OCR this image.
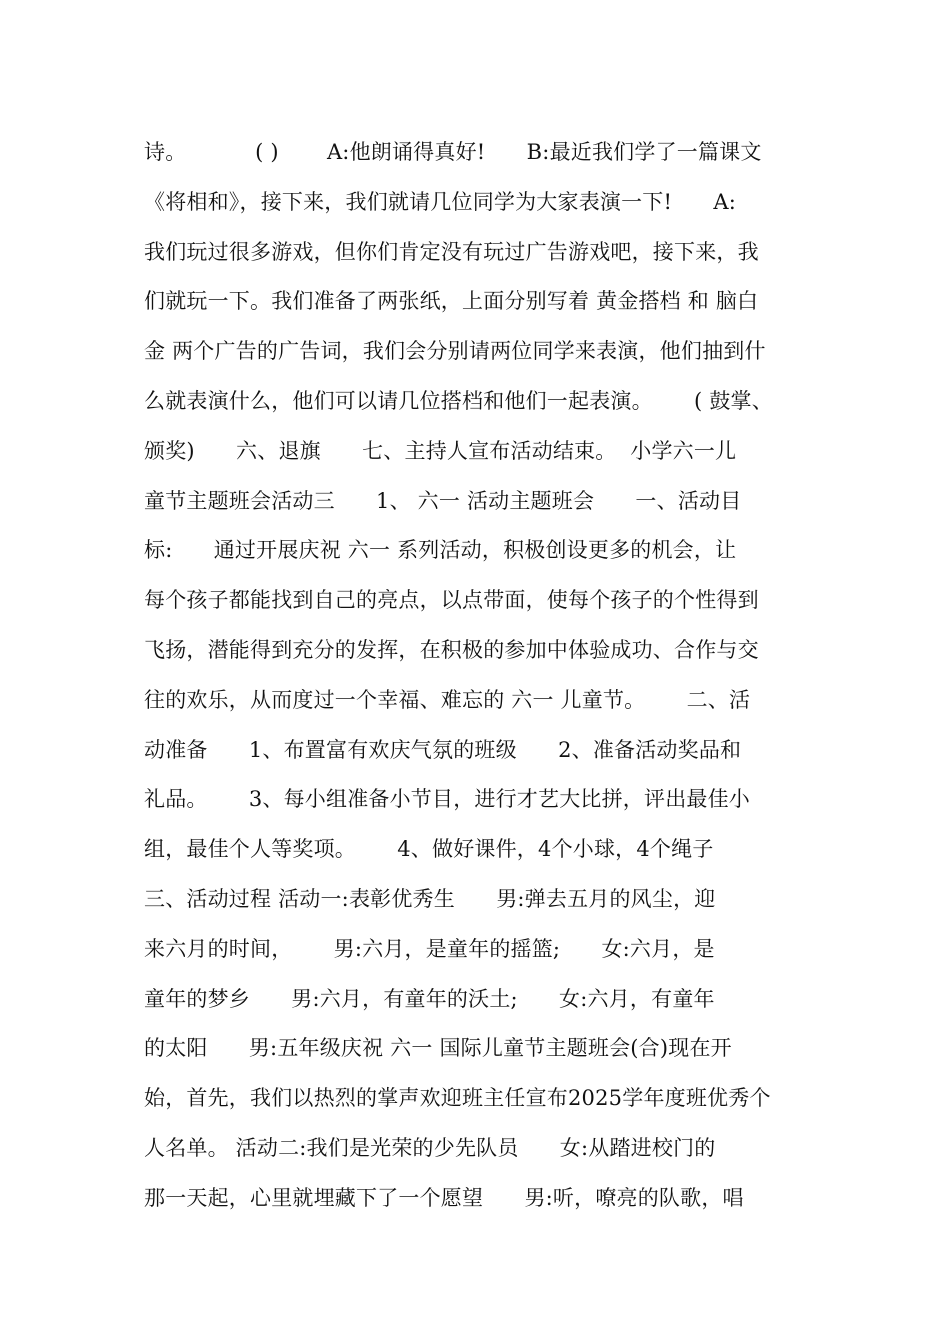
诗。          ( )       A:他朗诵得真好!      B:最近我们学了一篇课文
《将相和》，接下来，我们就请几位同学为大家表演一下!      A:
我们玩过很多游戏，但你们肯定没有玩过广告游戏吧，接下来，我
们就玩一下。我们准备了两张纸，上面分别写着 黄金搭档 和 脑白
金 两个广告的广告词，我们会分别请两位同学来表演，他们抽到什
么就表演什么，他们可以请几位搭档和他们一起表演。      ( 鼓掌、
颁奖)      六、退旗      七、主持人宣布活动结束。  小学六一儿
童节主题班会活动三      1、 六一 活动主题班会      一、活动目
标:      通过开展庆祝 六一 系列活动，积极创设更多的机会，让
每个孩子都能找到自己的亮点，以点带面，使每个孩子的个性得到
飞扬，潜能得到充分的发挥，在积极的参加中体验成功、合作与交
往的欢乐，从而度过一个幸福、难忘的 六一 儿童节。      二、活
动准备      1、布置富有欢庆气氛的班级      2、准备活动奖品和
礼品。      3、每小组准备小节目，进行才艺大比拼，评出最佳小
组，最佳个人等奖项。      4、做好课件，4个小球，4个绳子
三、活动过程 活动一:表彰优秀生      男:弹去五月的风尘，迎
来六月的时间，      男:六月，是童年的摇篮;      女:六月，是
童年的梦乡      男:六月，有童年的沃土;      女:六月，有童年
的太阳      男:五年级庆祝 六一 国际儿童节主题班会(合)现在开
始，首先，我们以热烈的掌声欢迎班主任宣布2025学年度班优秀个
人名单。 活动二:我们是光荣的少先队员      女:从踏进校门的
那一天起，心里就埋藏下了一个愿望      男:听，嘹亮的队歌，唱
